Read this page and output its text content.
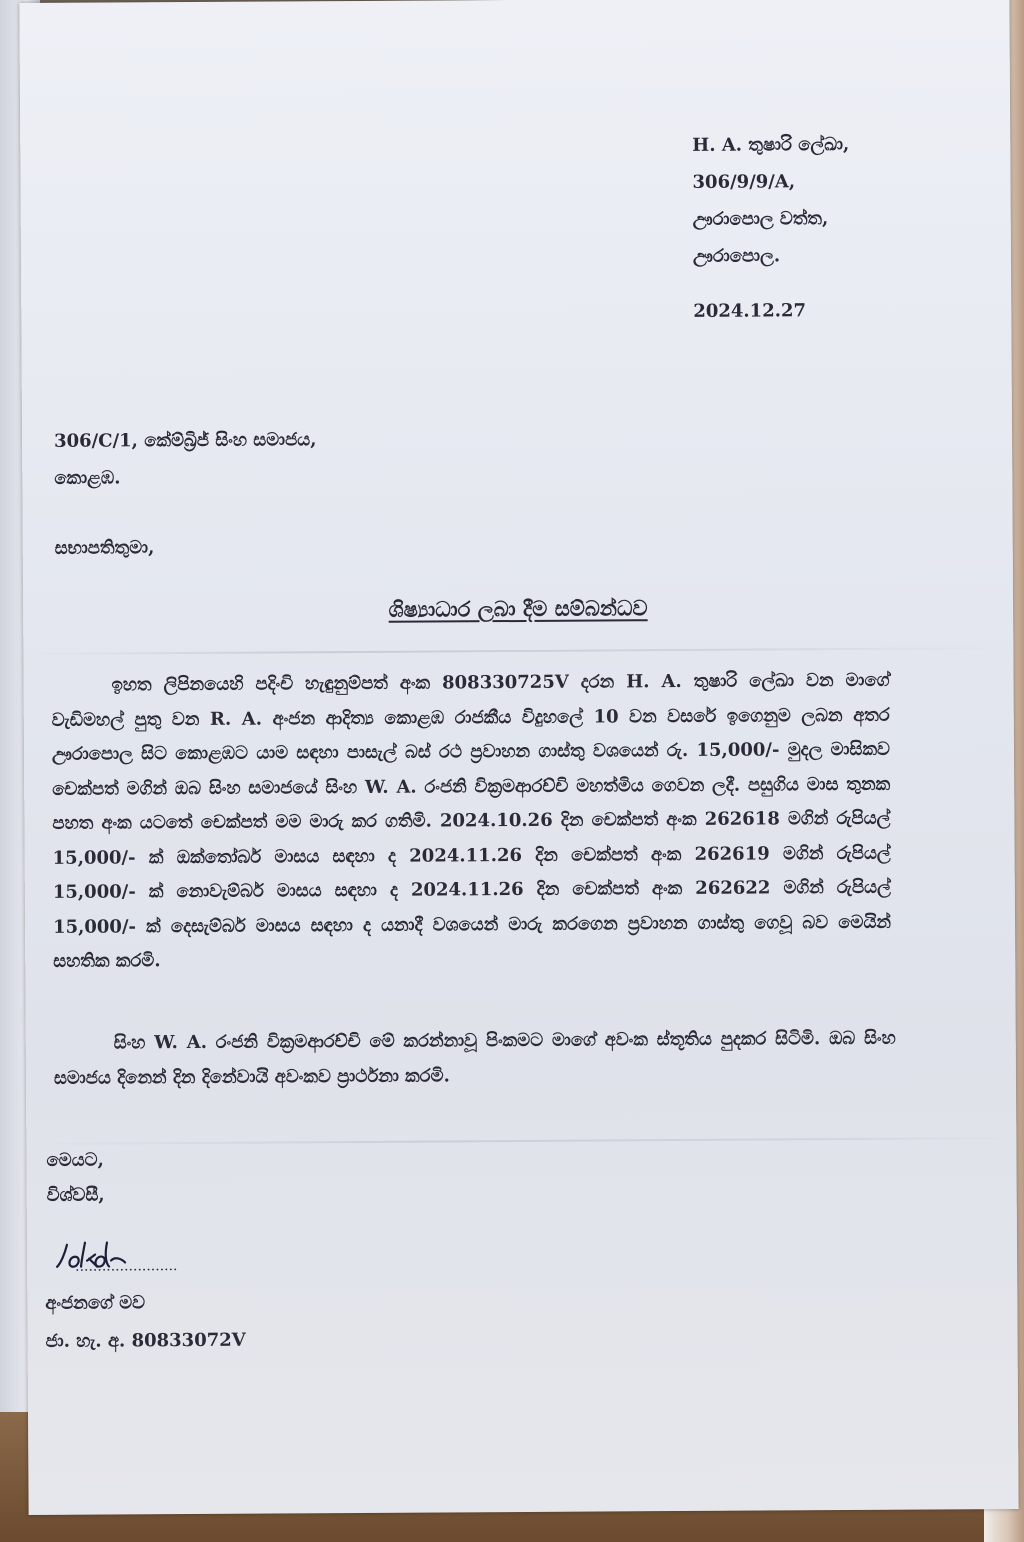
H. A. තුෂාරි ලේඛා,
306/9/9/A,
ඌරාපොල වත්ත,
ඌරාපොල.
2024.12.27
306/C/1, කේම්බ්‍රිජ් සිංහ සමාජය,
කොළඹ.
සභාපතිතුමා,
ශිෂ්‍යාධාර ලබා දීම සම්බන්ධව
ඉහත ලිපිනයෙහි පදිංචි හැඳුනුම්පත් අංක 808330725V දරන H. A. තුෂාරි ලේඛා වන මාගේ වැඩිමහල් පුතු වන R. A. අංජන ආදිත්‍ය කොළඹ රාජකීය විදුහලේ 10 වන වසරේ ඉගෙනුම ලබන අතර ඌරාපොල සිට කොළඹට යාම සඳහා පාසැල් බස් රථ ප්‍රවාහන ගාස්තු වශයෙන් රු. 15,000/- මුදල මාසිකව චෙක්පත් මගින් ඔබ සිංහ සමාජයේ සිංහ W. A. රංජනි වික්‍රමආරච්චි මහත්මිය ගෙවන ලදී. පසුගිය මාස තුනක පහත අංක යටතේ චෙක්පත් මම මාරු කර ගතිමි. 2024.10.26 දින චෙක්පත් අංක 262618 මගින් රුපියල් 15,000/- ක් ඔක්තෝබර් මාසය සඳහා ද 2024.11.26 දින චෙක්පත් අංක 262619 මගින් රුපියල් 15,000/- ක් නොවැම්බර් මාසය සඳහා ද 2024.11.26 දින චෙක්පත් අංක 262622 මගින් රුපියල් 15,000/- ක් දෙසැම්බර් මාසය සඳහා ද යනාදී වශයෙන් මාරු කරගෙන ප්‍රවාහන ගාස්තු ගෙවූ බව මෙයින් සහතික කරමි.
සිංහ W. A. රංජනි වික්‍රමආරච්චි මේ කරන්නාවූ පිංකමට මාගේ අවංක ස්තූතිය පුදකර සිටිමි. ඔබ සිංහ සමාජය දිනෙන් දින දිනේවායි අවංකව ප්‍රාර්ථනා කරමි.
මෙයට,
විශ්වසී,
.......................
අංජනගේ මව
ජා. හැ. අ. 80833072V
